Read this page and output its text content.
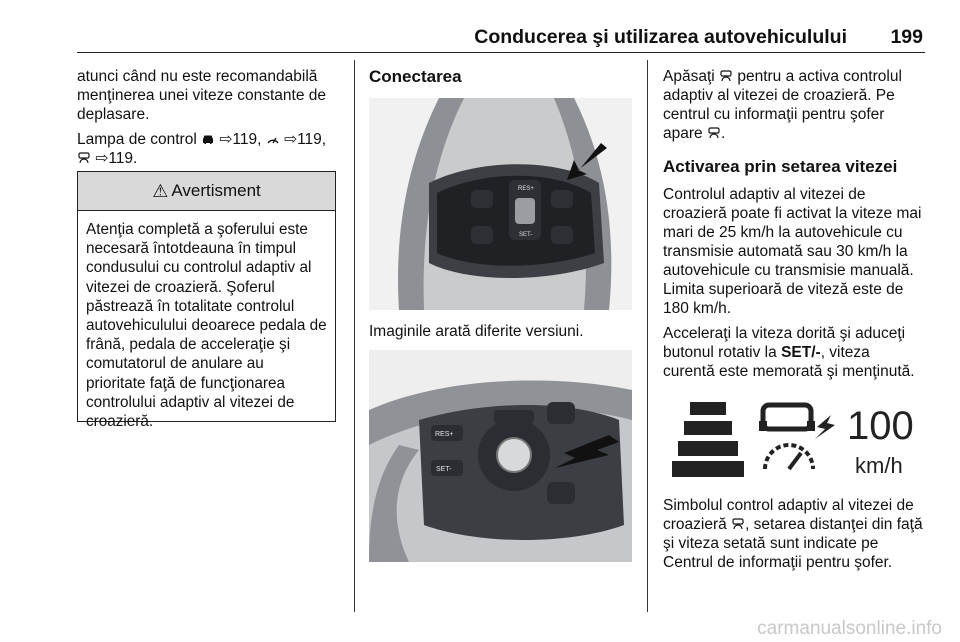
Conducerea şi utilizarea autovehiculului 199

atunci când nu este recomandabilă menţinerea unei viteze constante de deplasare.

Lampa de control ⇨119, ⇨119,  ⇨119.

⚠ Avertisment
Atenţia completă a şoferului este necesară întotdeauna în timpul condusului cu controlul adaptiv al vitezei de croazieră. Şoferul păstrează în totalitate controlul autovehiculului deoarece pedala de frână, pedala de acceleraţie şi comutatorul de anulare au prioritate faţă de funcţionarea controlului adaptiv al vitezei de croazieră.
Conectarea
RES+
SET-
Imaginile arată diferite versiuni.
RES+
SET-

Apăsaţi pentru a activa controlul adaptiv al vitezei de croazieră. Pe centrul cu informaţii pentru şofer apare .

Activarea prin setarea vitezei

Controlul adaptiv al vitezei de croazieră poate fi activat la viteze mai mari de 25 km/h la autovehicule cu transmisie automată sau 30 km/h la autovehicule cu transmisie manuală. Limita superioară de viteză este de 180 km/h.

Acceleraţi la viteza dorită şi aduceţi butonul rotativ la SET/-, viteza curentă este memorată şi menţinută.

100
km/h
Simbolul control adaptiv al vitezei de croazieră , setarea distanţei din faţă şi viteza setată sunt indicate pe Centrul de informaţii pentru şofer.
carmanualsonline.info
